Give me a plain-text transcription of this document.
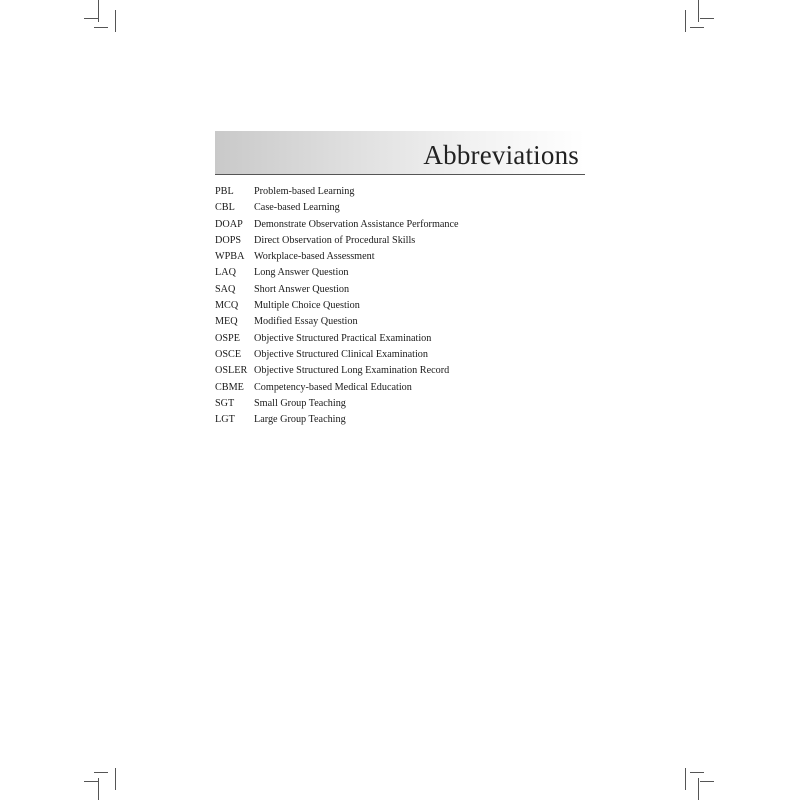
Abbreviations
PBL	Problem-based Learning
CBL	Case-based Learning
DOAP	Demonstrate Observation Assistance Performance
DOPS	Direct Observation of Procedural Skills
WPBA Workplace-based Assessment
LAQ	Long Answer Question
SAQ	Short Answer Question
MCQ	Multiple Choice Question
MEQ	Modified Essay Question
OSPE	Objective Structured Practical Examination
OSCE	Objective Structured Clinical Examination
OSLER Objective Structured Long Examination Record
CBME Competency-based Medical Education
SGT	Small Group Teaching
LGT	Large Group Teaching
